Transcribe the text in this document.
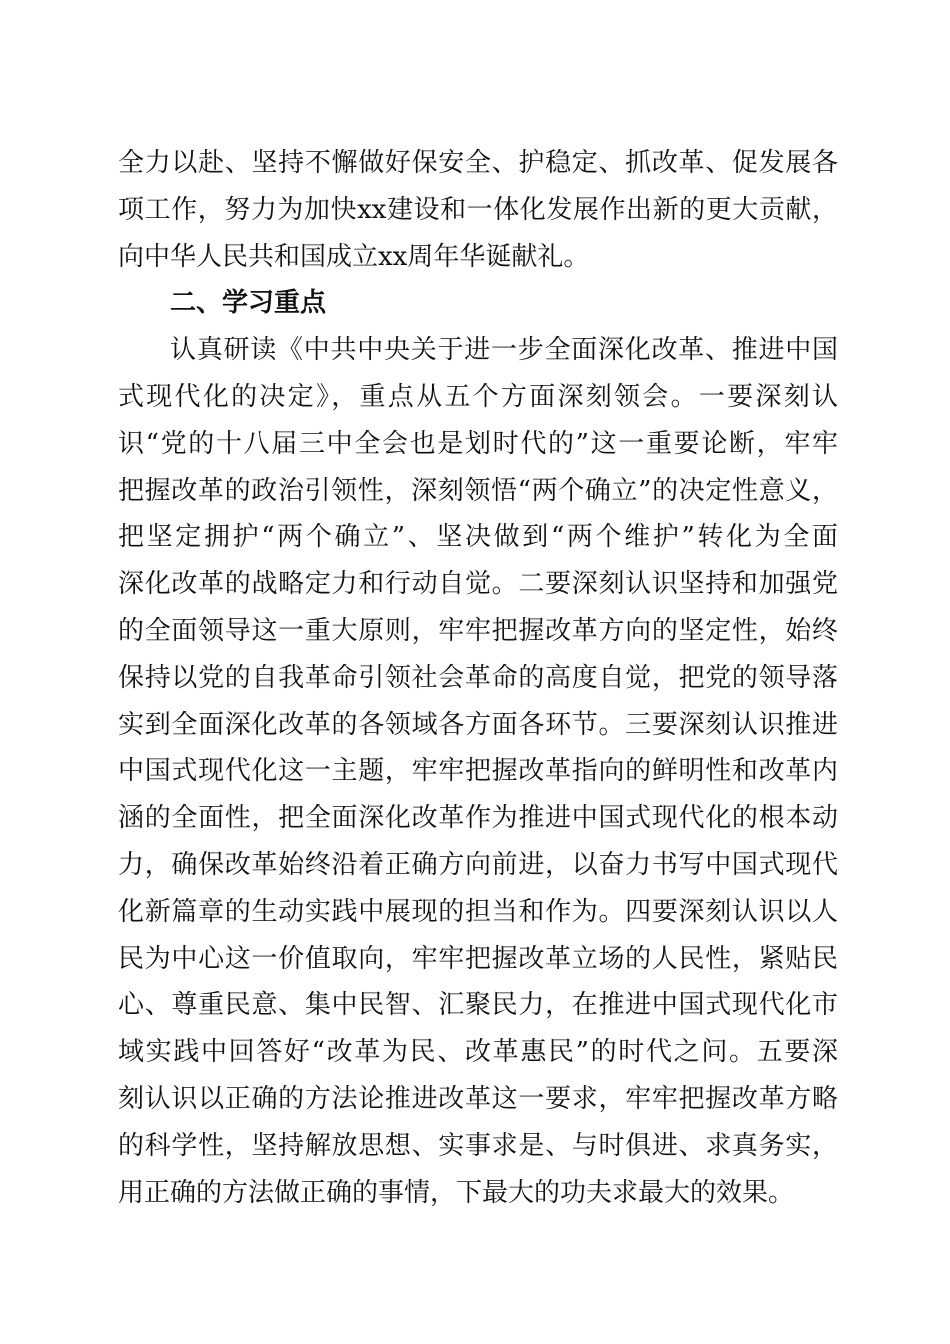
全力以赴、坚持不懈做好保安全、护稳定、抓改革、促发展各
项工作，努力为加快xx建设和一体化发展作出新的更大贡献，
向中华人民共和国成立xx周年华诞献礼。
二、学习重点
认真研读《中共中央关于进一步全面深化改革、推进中国
式现代化的决定》，重点从五个方面深刻领会。一要深刻认
识“党的十八届三中全会也是划时代的”这一重要论断，牢牢
把握改革的政治引领性，深刻领悟“两个确立”的决定性意义，
把坚定拥护“两个确立”、坚决做到“两个维护”转化为全面
深化改革的战略定力和行动自觉。二要深刻认识坚持和加强党
的全面领导这一重大原则，牢牢把握改革方向的坚定性，始终
保持以党的自我革命引领社会革命的高度自觉，把党的领导落
实到全面深化改革的各领域各方面各环节。三要深刻认识推进
中国式现代化这一主题，牢牢把握改革指向的鲜明性和改革内
涵的全面性，把全面深化改革作为推进中国式现代化的根本动
力，确保改革始终沿着正确方向前进，以奋力书写中国式现代
化新篇章的生动实践中展现的担当和作为。四要深刻认识以人
民为中心这一价值取向，牢牢把握改革立场的人民性，紧贴民
心、尊重民意、集中民智、汇聚民力，在推进中国式现代化市
域实践中回答好“改革为民、改革惠民”的时代之问。五要深
刻认识以正确的方法论推进改革这一要求，牢牢把握改革方略
的科学性，坚持解放思想、实事求是、与时俱进、求真务实，
用正确的方法做正确的事情，下最大的功夫求最大的效果。
